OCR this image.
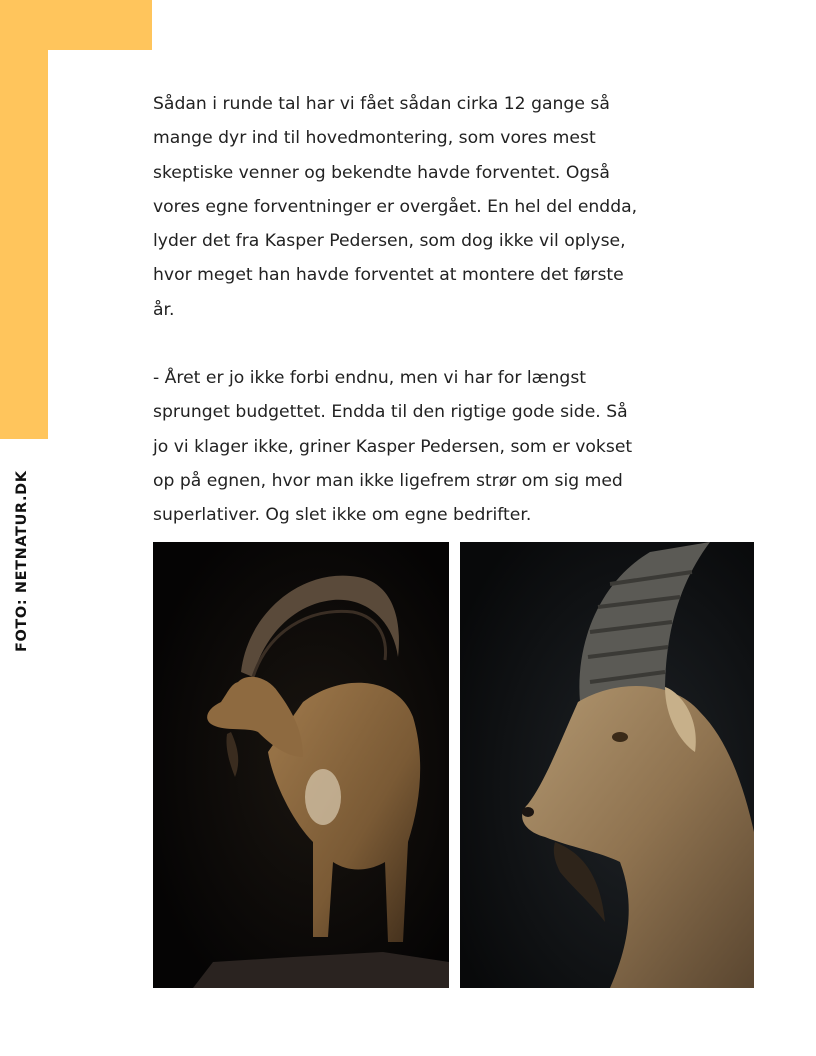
FOTO: NETNATUR.DK

Sådan i runde tal har vi fået sådan cirka 12 gange så mange dyr ind til hovedmontering, som vores mest skeptiske venner og bekendte havde forventet. Også vores egne forventninger er overgået. En hel del endda, lyder det fra Kasper Pedersen, som dog ikke vil oplyse, hvor meget han havde forventet at montere det første år.

- Året er jo ikke forbi endnu, men vi har for længst sprunget budgettet. Endda til den rigtige gode side. Så jo vi klager ikke, griner Kasper Pedersen, som er vokset op på egnen, hvor man ikke ligefrem strør om sig med superlativer. Og slet ikke om egne bedrifter.
